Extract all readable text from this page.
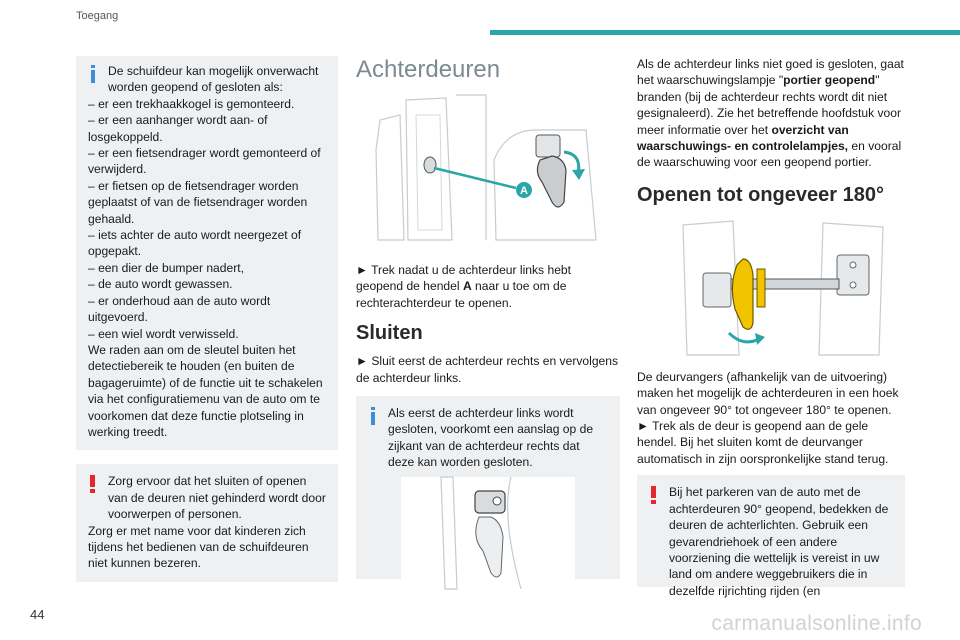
Toegang

De schuifdeur kan mogelijk onverwacht worden geopend of gesloten als:

– er een trekhaakkogel is gemonteerd.

– er een aanhanger wordt aan- of losgekoppeld.

– er een fietsendrager wordt gemonteerd of verwijderd.

– er fietsen op de fietsendrager worden geplaatst of van de fietsendrager worden gehaald.

– iets achter de auto wordt neergezet of opgepakt.

– een dier de bumper nadert,

– de auto wordt gewassen.

– er onderhoud aan de auto wordt uitgevoerd.

– een wiel wordt verwisseld.

We raden aan om de sleutel buiten het detectiebereik te houden (en buiten de bagageruimte) of de functie uit te schakelen via het configuratiemenu van de auto om te voorkomen dat deze functie plotseling in werking treedt.

Zorg ervoor dat het sluiten of openen van de deuren niet gehinderd wordt door voorwerpen of personen.

Zorg er met name voor dat kinderen zich tijdens het bedienen van de schuifdeuren niet kunnen bezeren.

Achterdeuren
A

► Trek nadat u de achterdeur links hebt geopend de hendel A naar u toe om de rechterachterdeur te openen.

Sluiten

► Sluit eerst de achterdeur rechts en vervolgens de achterdeur links.

Als eerst de achterdeur links wordt gesloten, voorkomt een aanslag op de zijkant van de achterdeur rechts dat deze kan worden gesloten.

Als de achterdeur links niet goed is gesloten, gaat het waarschuwingslampje "portier geopend" branden (bij de achterdeur rechts wordt dit niet gesignaleerd). Zie het betreffende hoofdstuk voor meer informatie over het overzicht van waarschuwings- en controlelampjes, en vooral de waarschuwing voor een geopend portier.

Openen tot ongeveer 180°

De deurvangers (afhankelijk van de uitvoering) maken het mogelijk de achterdeuren in een hoek van ongeveer 90° tot ongeveer 180° te openen.

► Trek als de deur is geopend aan de gele hendel. Bij het sluiten komt de deurvanger automatisch in zijn oorspronkelijke stand terug.

Bij het parkeren van de auto met de achterdeuren 90° geopend, bedekken de deuren de achterlichten. Gebruik een gevarendriehoek of een andere voorziening die wettelijk is vereist in uw land om andere weggebruikers die in dezelfde rijrichting rijden (en

44	carmanualsonline.info
